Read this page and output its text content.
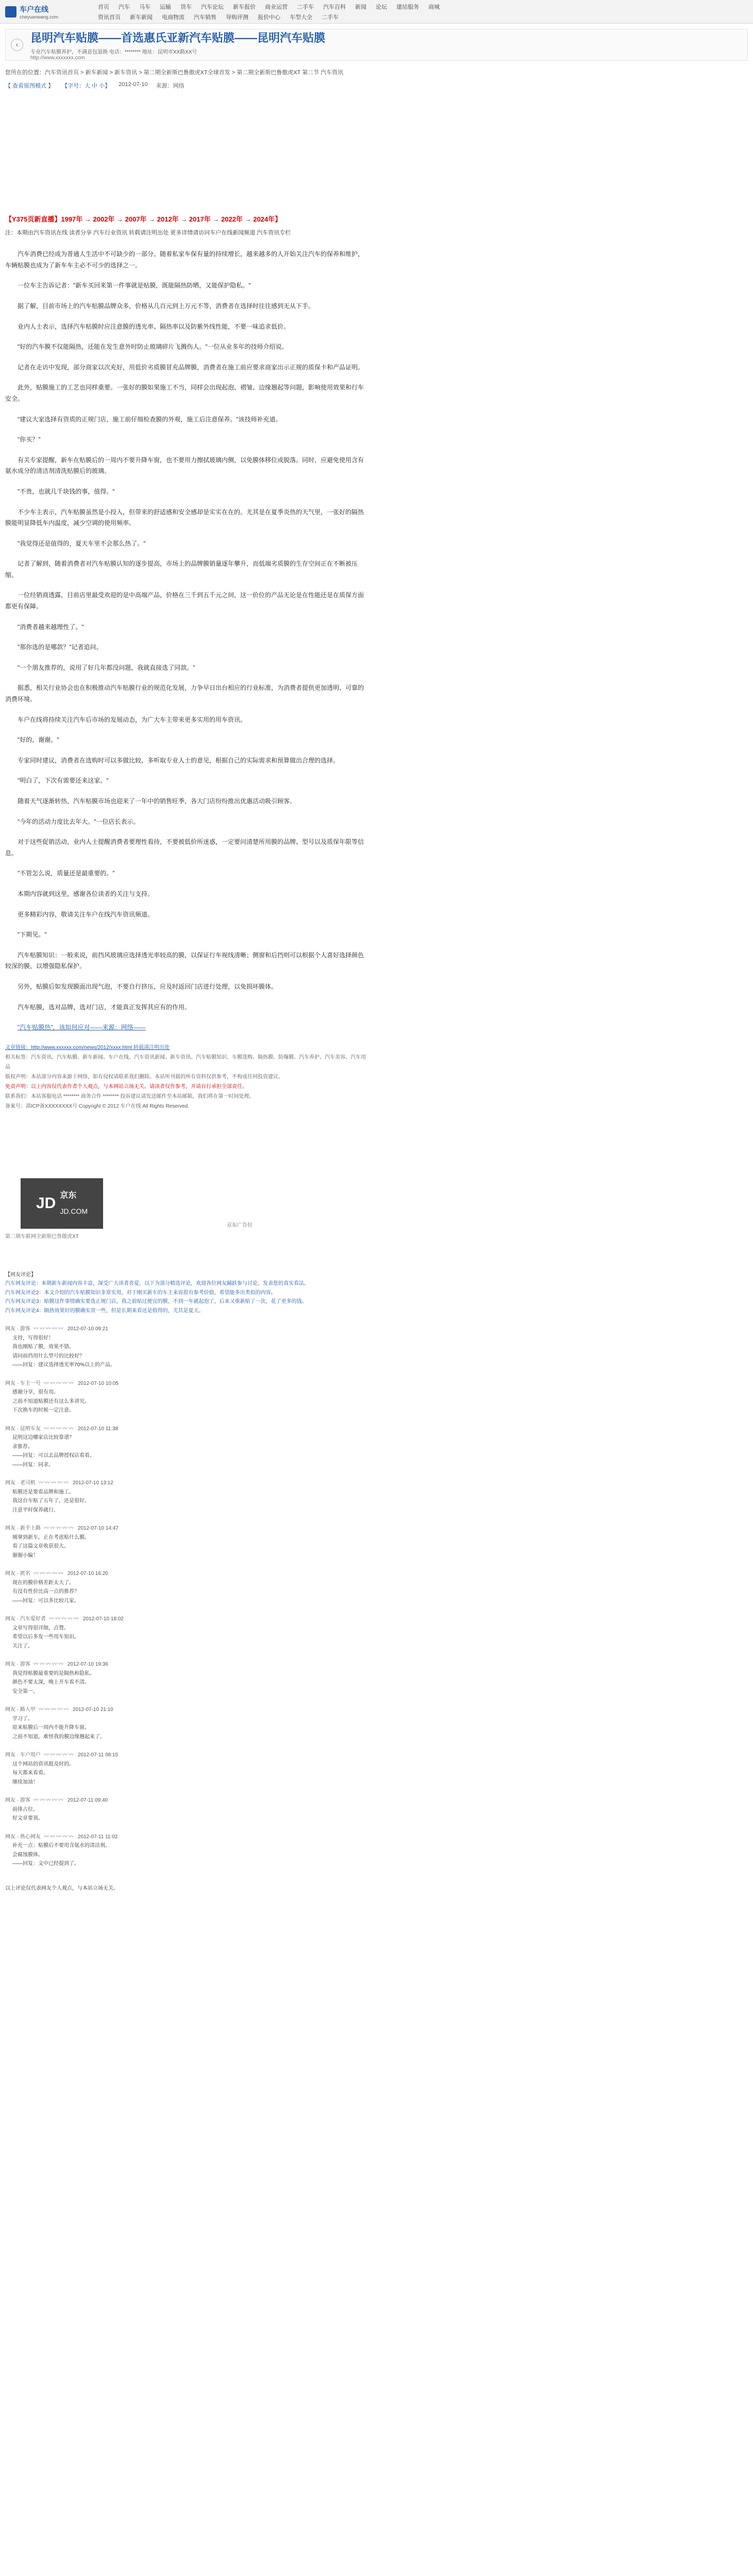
车户在线
cheyuanwang.com
首页 汽车 马车 运输 货车 汽车论坛 新车报价 商业运营 二手车 汽车百科 新闻 论坛 建站服务 商城
资讯首页 新车新闻 电商物流 汽车销售 导购评测 报价中心 车型大全 二手车
‹
昆明汽车贴膜——首选惠氏亚新汽车贴膜——昆明汽车贴膜
专业汽车贴膜养护，不满意包退换 电话：******** 地址：昆明市XX路XX号
http://www.xxxxxxx.com
您所在的位置：汽车资讯首页 > 新车新闻 > 新车资讯 > 第二期全新斯巴鲁傲虎XT全球首发 > 第二期全新斯巴鲁傲虎XT 第二节 汽车资讯
【 查看原图模式 】 【字号：大 中 小】 2012-07-10 来源：网络
【Y375页新直播】1997年 → 2002年 → 2007年 → 2012年 → 2017年 → 2022年 → 2024年】
注：本期由汽车资讯在线 读者分享 汽车行业资讯 转载请注明出处 更多详情请访问车户在线新闻频道 汽车资讯专栏

汽车消费已经成为普通人生活中不可缺少的一部分。随着私家车保有量的持续增长，越来越多的人开始关注汽车的保养和维护，车辆贴膜也成为了新车车主必不可少的选择之一。

一位车主告诉记者："新车买回来第一件事就是贴膜，既能隔热防晒，又能保护隐私。"

据了解，目前市场上的汽车贴膜品牌众多，价格从几百元到上万元不等，消费者在选择时往往感到无从下手。

业内人士表示，选择汽车贴膜时应注意膜的透光率、隔热率以及防紫外线性能，不要一味追求低价。

"好的汽车膜不仅能隔热，还能在发生意外时防止玻璃碎片飞溅伤人。"一位从业多年的技师介绍说。

记者在走访中发现，部分商家以次充好，用低价劣质膜冒充品牌膜，消费者在施工前应要求商家出示正规的质保卡和产品证明。

此外，贴膜施工的工艺也同样重要。一张好的膜如果施工不当，同样会出现起泡、褶皱、边缘翘起等问题，影响使用效果和行车安全。

"建议大家选择有资质的正规门店，施工前仔细检查膜的外观，施工后注意保养。"该技师补充道。

"你买？"

有关专家提醒，新车在贴膜后的一周内不要升降车窗，也不要用力擦拭玻璃内侧，以免膜体移位或脱落。同时，应避免使用含有氨水成分的清洁剂清洗贴膜后的玻璃。

"不贵，也就几千块钱的事，值得。"

不少车主表示，汽车贴膜虽然是小投入，但带来的舒适感和安全感却是实实在在的。尤其是在夏季炎热的天气里，一张好的隔热膜能明显降低车内温度，减少空调的使用频率。

"我觉得还是值得的，夏天车里不会那么热了。"

记者了解到，随着消费者对汽车贴膜认知的逐步提高，市场上的品牌膜销量逐年攀升，而低端劣质膜的生存空间正在不断被压缩。

一位经销商透露，目前店里最受欢迎的是中高端产品，价格在三千到五千元之间，这一价位的产品无论是在性能还是在质保方面都更有保障。

"消费者越来越理性了。"

"那你选的是哪款？"记者追问。

"一个朋友推荐的，说用了好几年都没问题，我就直接选了同款。"

据悉，相关行业协会也在积极推动汽车贴膜行业的规范化发展，力争早日出台相应的行业标准，为消费者提供更加透明、可靠的消费环境。

车户在线将持续关注汽车后市场的发展动态，为广大车主带来更多实用的用车资讯。

"好的，谢谢。"

专家同时建议，消费者在选购时可以多做比较，多听取专业人士的意见，根据自己的实际需求和预算做出合理的选择。

"明白了，下次有需要还来这家。"

随着天气逐渐转热，汽车贴膜市场也迎来了一年中的销售旺季，各大门店纷纷推出优惠活动吸引顾客。

"今年的活动力度比去年大。"一位店长表示。

对于这些促销活动，业内人士提醒消费者要理性看待，不要被低价所迷惑，一定要问清楚所用膜的品牌、型号以及质保年限等信息。

"不管怎么说，质量还是最重要的。"

本期内容就到这里，感谢各位读者的关注与支持。

更多精彩内容，敬请关注车户在线汽车资讯频道。

"下期见。"

汽车贴膜知识：一般来说，前挡风玻璃应选择透光率较高的膜，以保证行车视线清晰；侧窗和后挡则可以根据个人喜好选择颜色较深的膜，以增强隐私保护。

另外，贴膜后如发现膜面出现气泡，不要自行挤压，应及时返回门店进行处理，以免损坏膜体。

汽车贴膜，选对品牌，选对门店，才能真正发挥其应有的作用。

"汽车贴膜热"，该如何应对——来源：网络——

文章链接：http://www.xxxxxx.com/news/2012/xxxx.html 转载请注明出处
相关标签：汽车资讯、汽车贴膜、新车新闻、车户在线、汽车资讯新闻、新车资讯、汽车贴膜知识、车膜选购、隔热膜、防爆膜、汽车养护、汽车美容、汽车用品
版权声明：本站部分内容来源于网络，如有侵权请联系我们删除。本站所刊载的所有资料仅供参考，不构成任何投资建议。
免责声明：以上内容仅代表作者个人观点，与本网站立场无关。请读者仅作参考，并请自行承担全部责任。
联系我们：本站客服电话 ******** 商务合作 ******** 投诉建议请发送邮件至本站邮箱，我们将在第一时间处理。
备案号：滇ICP备XXXXXXXX号 Copyright © 2012 车户在线 All Rights Reserved.
JD 京东
JD.COM
京东广告位
第二期车联网全新斯巴鲁傲虎XT
【网友评论】
汽车网友评论：本期新车新闻内容丰富，深受广大读者喜爱，以下为部分精选评论，欢迎各位网友踊跃参与讨论，发表您的真实看法。
汽车网友评论2：本文介绍的汽车贴膜知识非常实用，对于刚买新车的车主来说很有参考价值，希望能多出类似的内容。
汽车网友评论3：贴膜这件事情确实要选正规门店，我之前贴过便宜的膜，不到一年就起泡了，后来又重新贴了一次，花了更多的钱。
汽车网友评论4：隔热效果好的膜确实贵一些，但是长期来看还是值得的，尤其是夏天。
网友 · 游客 〰〰〰〰〰 2012-07-10 09:21
支持，写得很好！
我也刚贴了膜，效果不错。
请问前挡用什么型号的比较好？
——回复：建议选择透光率70%以上的产品。
网友 · 车主一号 〰〰〰〰〰 2012-07-10 10:05
感谢分享，很有用。
之前不知道贴膜还有这么多讲究。
下次换车的时候一定注意。
网友 · 昆明车友 〰〰〰〰〰 2012-07-10 11:38
昆明这边哪家店比较靠谱？
求推荐。
——回复：可以去品牌授权店看看。
——回复：同求。
网友 · 老司机 〰〰〰〰〰 2012-07-10 13:12
贴膜还是要看品牌和施工。
我这台车贴了五年了，还是很好。
注意平时保养就行。
网友 · 新手上路 〰〰〰〰〰 2012-07-10 14:47
刚拿到新车，正在考虑贴什么膜。
看了这篇文章收获很大。
谢谢小编！
网友 · 匿名 〰〰〰〰〰 2012-07-10 16:20
现在的膜价格差距太大了。
有没有性价比高一点的推荐？
——回复：可以多比较几家。
网友 · 汽车爱好者 〰〰〰〰〰 2012-07-10 18:02
文章写得很详细，点赞。
希望以后多发一些用车知识。
关注了。
网友 · 游客 〰〰〰〰〰 2012-07-10 19:36
我觉得贴膜最重要的是隔热和隐私。
颜色不要太深，晚上开车看不清。
安全第一。
网友 · 路人甲 〰〰〰〰〰 2012-07-10 21:10
学习了。
原来贴膜后一周内不能升降车窗。
之前不知道，难怪我的膜边缘翘起来了。
网友 · 车户用户 〰〰〰〰〰 2012-07-11 08:15
这个网站的资讯挺及时的。
每天都来看看。
继续加油！
网友 · 游客 〰〰〰〰〰 2012-07-11 09:40
前排占位。
好文章要顶。
网友 · 热心网友 〰〰〰〰〰 2012-07-11 11:02
补充一点：贴膜后不要用含氨水的清洁剂。
会腐蚀膜体。
——回复：文中已经提到了。
以上评论仅代表网友个人观点，与本站立场无关。
